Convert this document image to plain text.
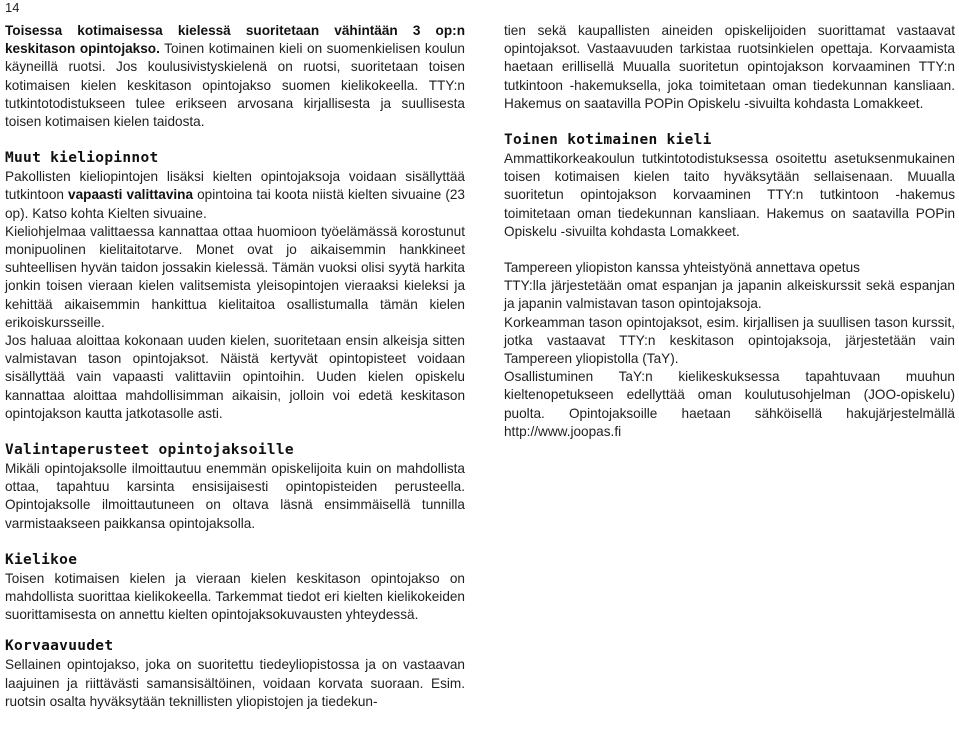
14

Toisessa kotimaisessa kielessä suoritetaan vähintään 3 op:n keskitason opintojakso. Toinen kotimainen kieli on suomenkielisen koulun käyneillä ruotsi. Jos koulusivistyskielenä on ruotsi, suoritetaan toisen kotimaisen kielen keskitason opintojakso suomen kielikokeella. TTY:n tutkintotodistukseen tulee erikseen arvosana kirjallisesta ja suullisesta toisen kotimaisen kielen taidosta.

Muut kieliopinnot

Pakollisten kieliopintojen lisäksi kielten opintojaksoja voidaan sisällyttää tutkintoon vapaasti valittavina opintoina tai koota niistä kielten sivuaine (23 op). Katso kohta Kielten sivuaine.

Kieliohjelmaa valittaessa kannattaa ottaa huomioon työelämässä korostunut monipuolinen kielitaitotarve. Monet ovat jo aikaisemmin hankkineet suhteellisen hyvän taidon jossakin kielessä. Tämän vuoksi olisi syytä harkita jonkin toisen vieraan kielen valitsemista yleisopintojen vieraaksi kieleksi ja kehittää aikaisemmin hankittua kielitaitoa osallistumalla tämän kielen erikoiskursseille.

Jos haluaa aloittaa kokonaan uuden kielen, suoritetaan ensin alkeisja sitten valmistavan tason opintojaksot. Näistä kertyvät opintopisteet voidaan sisällyttää vain vapaasti valittaviin opintoihin. Uuden kielen opiskelu kannattaa aloittaa mahdollisimman aikaisin, jolloin voi edetä keskitason opintojakson kautta jatkotasolle asti.

Valintaperusteet opintojaksoille

Mikäli opintojaksolle ilmoittautuu enemmän opiskelijoita kuin on mahdollista ottaa, tapahtuu karsinta ensisijaisesti opintopisteiden perusteella. Opintojaksolle ilmoittautuneen on oltava läsnä ensimmäisellä tunnilla varmistaakseen paikkansa opintojaksolla.

Kielikoe

Toisen kotimaisen kielen ja vieraan kielen keskitason opintojakso on mahdollista suorittaa kielikokeella. Tarkemmat tiedot eri kielten kielikokeiden suorittamisesta on annettu kielten opintojaksokuvausten yhteydessä.

Korvaavuudet

Sellainen opintojakso, joka on suoritettu tiedeyliopistossa ja on vastaavan laajuinen ja riittävästi samansisältöinen, voidaan korvata suoraan. Esim. ruotsin osalta hyväksytään teknillisten yliopistojen ja tiedekun-

tien sekä kaupallisten aineiden opiskelijoiden suorittamat vastaavat opintojaksot. Vastaavuuden tarkistaa ruotsinkielen opettaja. Korvaamista haetaan erillisellä Muualla suoritetun opintojakson korvaaminen TTY:n tutkintoon -hakemuksella, joka toimitetaan oman tiedekunnan kansliaan. Hakemus on saatavilla POPin Opiskelu -sivuilta kohdasta Lomakkeet.

Toinen kotimainen kieli

Ammattikorkeakoulun tutkintotodistuksessa osoitettu asetuksenmukainen toisen kotimaisen kielen taito hyväksytään sellaisenaan. Muualla suoritetun opintojakson korvaaminen TTY:n tutkintoon -hakemus toimitetaan oman tiedekunnan kansliaan. Hakemus on saatavilla POPin Opiskelu -sivuilta kohdasta Lomakkeet.

Tampereen yliopiston kanssa yhteistyönä annettava opetus

TTY:lla järjestetään omat espanjan ja japanin alkeiskurssit sekä espanjan ja japanin valmistavan tason opintojaksoja.

Korkeamman tason opintojaksot, esim. kirjallisen ja suullisen tason kurssit, jotka vastaavat TTY:n keskitason opintojaksoja, järjestetään vain Tampereen yliopistolla (TaY).

Osallistuminen TaY:n kielikeskuksessa tapahtuvaan muuhun kieltenopetukseen edellyttää oman koulutusohjelman (JOO-opiskelu) puolta. Opintojaksoille haetaan sähköisellä hakujärjestelmällä http://www.joopas.fi
